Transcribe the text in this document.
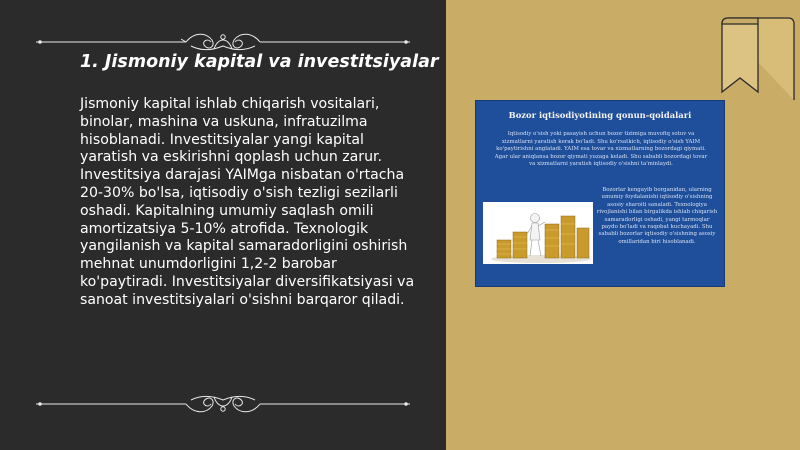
1. Jismoniy kapital va investitsiyalar

Jismoniy kapital ishlab chiqarish vositalari, binolar, mashina va uskuna, infratuzilma hisoblanadi. Investitsiyalar yangi kapital yaratish va eskirishni qoplash uchun zarur. Investitsiya darajasi YAIMga nisbatan o'rtacha 20-30% bo'lsa, iqtisodiy o'sish tezligi sezilarli oshadi. Kapitalning umumiy saqlash omili amortizatsiya 5-10% atrofida. Texnologik yangilanish va kapital samaradorligini oshirish mehnat unumdorligini 1,2-2 barobar ko'paytiradi. Investitsiyalar diversifikatsiyasi va sanoat investitsiyalari o'sishni barqaror qiladi.

Bozor iqtisodiyotining qonun-qoidalari

Iqtisodiy o'sish yoki pasayish uchun bozor tizimiga muvofiq sotuv va xizmatlarni yaratish kerak bo'ladi. Shu ko'rsatkich, iqtisodiy o'sish YAIM ko'paytirishni anglatadi. YAIM esa tovar va xizmatlarning bozordagi qiymati. Agar ular aniqlansa bozor qiymati yuzaga keladi. Shu sababli bozordagi tovar va xizmatlarni yaratish iqtisodiy o'sishni ta'minlaydi.

Bozorlar kengayib borganidan, ularning umumiy foydalanishi iqtisodiy o'sishning asosiy sharoiti sanaladi. Texnologiya rivojlanishi bilan birgalikda ishlab chiqarish samaradorligi oshadi, yangi tarmoqlar paydo bo'ladi va raqobat kuchayadi. Shu sababli bozorlar iqtisodiy o'sishning asosiy omillaridan biri hisoblanadi.
